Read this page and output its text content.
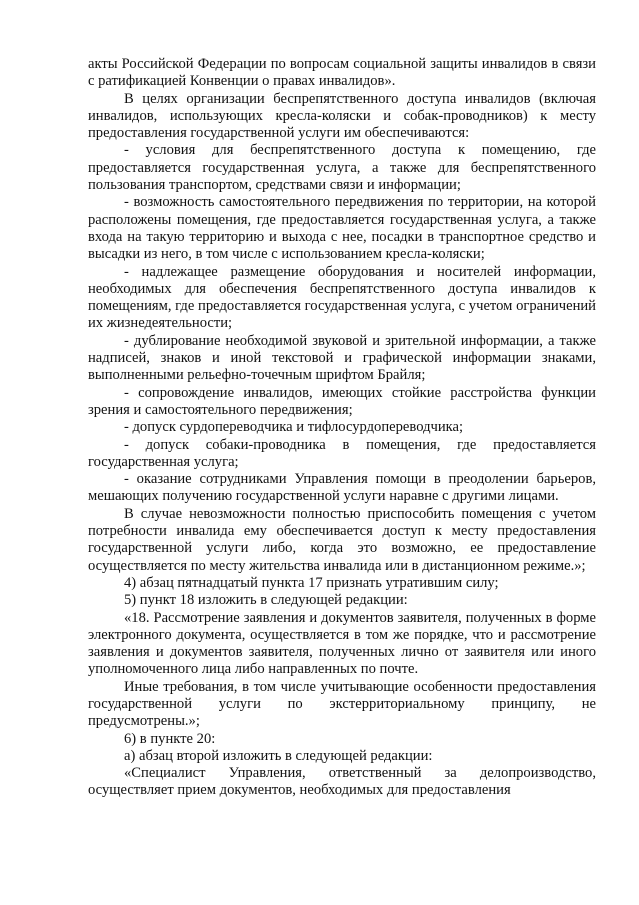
акты Российской Федерации по вопросам социальной защиты инвалидов в связи с ратификацией Конвенции о правах инвалидов».

В целях организации беспрепятственного доступа инвалидов (включая инвалидов, использующих кресла-коляски и собак-проводников) к месту предоставления государственной услуги им обеспечиваются:

- условия для беспрепятственного доступа к помещению, где предоставляется государственная услуга, а также для беспрепятственного пользования транспортом, средствами связи и информации;

- возможность самостоятельного передвижения по территории, на которой расположены помещения, где предоставляется государственная услуга, а также входа на такую территорию и выхода с нее, посадки в транспортное средство и высадки из него, в том числе с использованием кресла-коляски;

- надлежащее размещение оборудования и носителей информации, необходимых для обеспечения беспрепятственного доступа инвалидов к помещениям, где предоставляется государственная услуга, с учетом ограничений их жизнедеятельности;

- дублирование необходимой звуковой и зрительной информации, а также надписей, знаков и иной текстовой и графической информации знаками, выполненными рельефно-точечным шрифтом Брайля;

- сопровождение инвалидов, имеющих стойкие расстройства функции зрения и самостоятельного передвижения;

- допуск сурдопереводчика и тифлосурдопереводчика;

- допуск собаки-проводника в помещения, где предоставляется государственная услуга;

- оказание сотрудниками Управления помощи в преодолении барьеров, мешающих получению государственной услуги наравне с другими лицами.

В случае невозможности полностью приспособить помещения с учетом потребности инвалида ему обеспечивается доступ к месту предоставления государственной услуги либо, когда это возможно, ее предоставление осуществляется по месту жительства инвалида или в дистанционном режиме.»;

4) абзац пятнадцатый пункта 17 признать утратившим силу;

5) пункт 18 изложить в следующей редакции:

«18. Рассмотрение заявления и документов заявителя, полученных в форме электронного документа, осуществляется в том же порядке, что и рассмотрение заявления и документов заявителя, полученных лично от заявителя или иного уполномоченного лица либо направленных по почте.

Иные требования, в том числе учитывающие особенности предоставления государственной услуги по экстерриториальному принципу, не предусмотрены.»;

6) в пункте 20:

а) абзац второй изложить в следующей редакции:

«Специалист Управления, ответственный за делопроизводство, осуществляет прием документов, необходимых для предоставления
